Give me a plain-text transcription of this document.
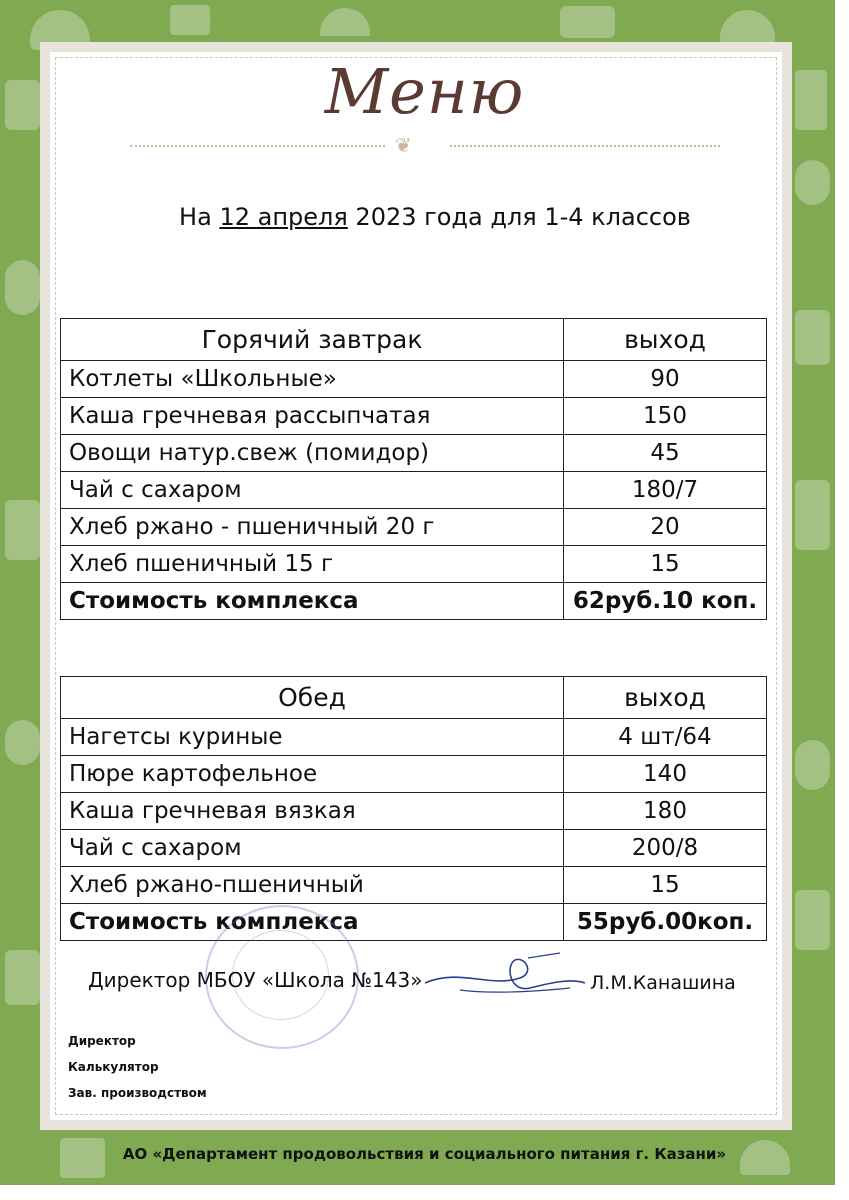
Меню
❦
На 12 апреля 2023 года для 1-4 классов
Горячий завтрак	выход
Котлеты «Школьные»	90
Каша гречневая рассыпчатая	150
Овощи натур.свеж (помидор)	45
Чай с сахаром	180/7
Хлеб ржано - пшеничный 20 г	20
Хлеб пшеничный 15 г	15
Стоимость комплекса	62руб.10 коп.
Обед	выход
Нагетсы куриные	4 шт/64
Пюре картофельное	140
Каша гречневая вязкая	180
Чай с сахаром	200/8
Хлеб ржано-пшеничный	15
Стоимость комплекса	55руб.00коп.
Директор МБОУ «Школа №143»	Л.М.Канашина
Директор
Калькулятор
Зав. производством
АО «Департамент продовольствия и социального питания г. Казани»
